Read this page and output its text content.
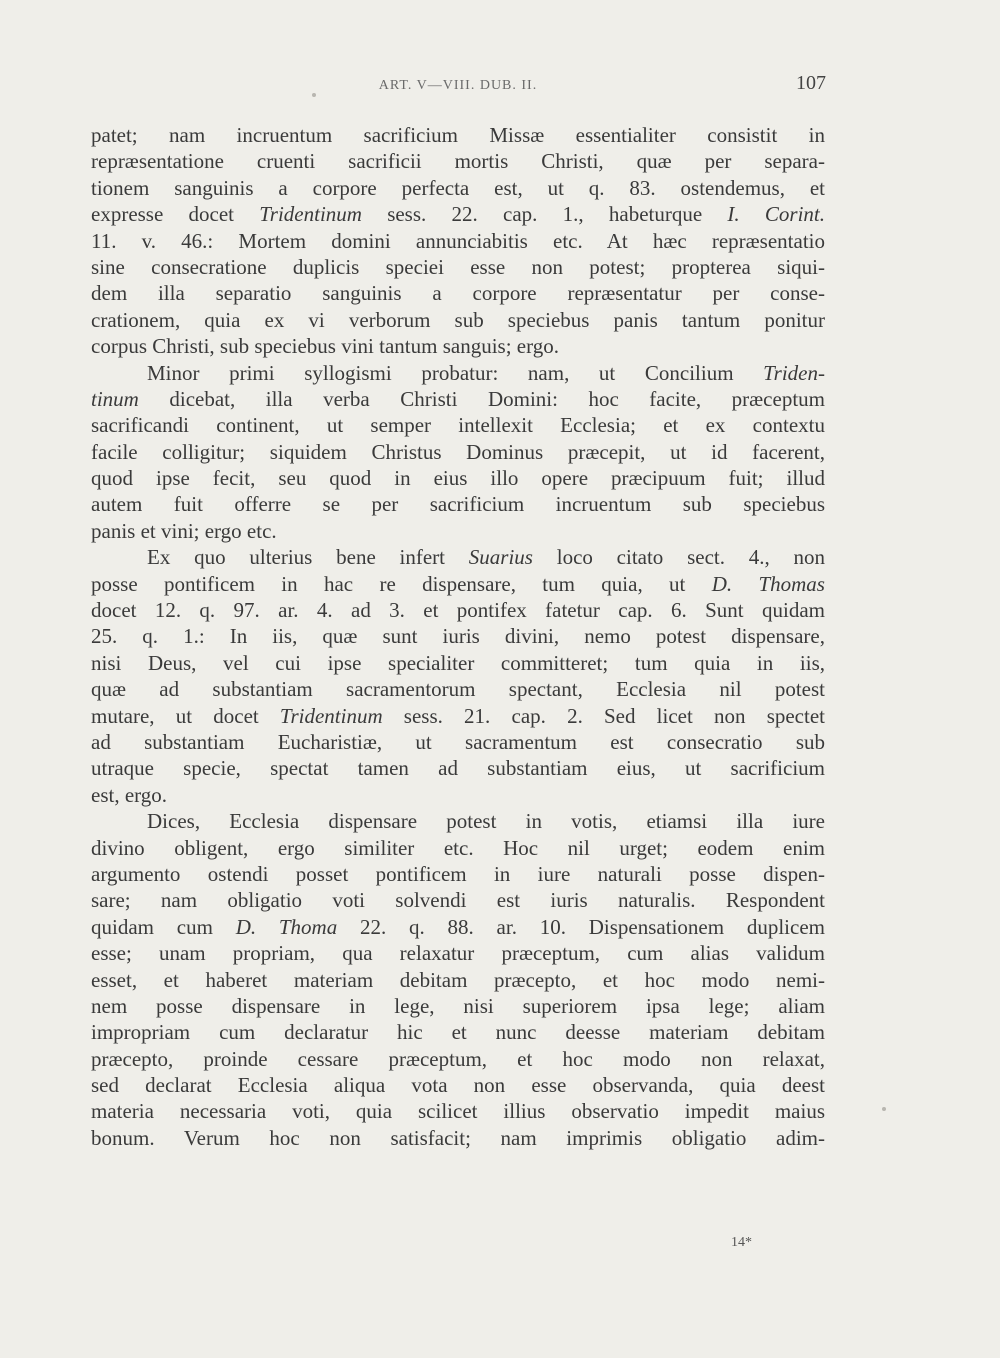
ART. V—VIII. DUB. II.	107
patet; nam incruentum sacrificium Missæ essentialiter consistit in
repræsentatione cruenti sacrificii mortis Christi, quæ per separa-
tionem sanguinis a corpore perfecta est, ut q. 83. ostendemus, et
expresse docet Tridentinum sess. 22. cap. 1., habeturque I. Corint.
11. v. 46.: Mortem domini annunciabitis etc. At hæc repræsentatio
sine consecratione duplicis speciei esse non potest; propterea siqui-
dem illa separatio sanguinis a corpore repræsentatur per conse-
crationem, quia ex vi verborum sub speciebus panis tantum ponitur
corpus Christi, sub speciebus vini tantum sanguis; ergo.
Minor primi syllogismi probatur: nam, ut Concilium Triden-
tinum dicebat, illa verba Christi Domini: hoc facite, præceptum
sacrificandi continent, ut semper intellexit Ecclesia; et ex contextu
facile colligitur; siquidem Christus Dominus præcepit, ut id facerent,
quod ipse fecit, seu quod in eius illo opere præcipuum fuit; illud
autem fuit offerre se per sacrificium incruentum sub speciebus
panis et vini; ergo etc.
Ex quo ulterius bene infert Suarius loco citato sect. 4., non
posse pontificem in hac re dispensare, tum quia, ut D. Thomas
docet 12. q. 97. ar. 4. ad 3. et pontifex fatetur cap. 6. Sunt quidam
25. q. 1.: In iis, quæ sunt iuris divini, nemo potest dispensare,
nisi Deus, vel cui ipse specialiter committeret; tum quia in iis,
quæ ad substantiam sacramentorum spectant, Ecclesia nil potest
mutare, ut docet Tridentinum sess. 21. cap. 2. Sed licet non spectet
ad substantiam Eucharistiæ, ut sacramentum est consecratio sub
utraque specie, spectat tamen ad substantiam eius, ut sacrificium
est, ergo.
Dices, Ecclesia dispensare potest in votis, etiamsi illa iure
divino obligent, ergo similiter etc. Hoc nil urget; eodem enim
argumento ostendi posset pontificem in iure naturali posse dispen-
sare; nam obligatio voti solvendi est iuris naturalis. Respondent
quidam cum D. Thoma 22. q. 88. ar. 10. Dispensationem duplicem
esse; unam propriam, qua relaxatur præceptum, cum alias validum
esset, et haberet materiam debitam præcepto, et hoc modo nemi-
nem posse dispensare in lege, nisi superiorem ipsa lege; aliam
impropriam cum declaratur hic et nunc deesse materiam debitam
præcepto, proinde cessare præceptum, et hoc modo non relaxat,
sed declarat Ecclesia aliqua vota non esse observanda, quia deest
materia necessaria voti, quia scilicet illius observatio impedit maius
bonum. Verum hoc non satisfacit; nam imprimis obligatio adim-
14*
